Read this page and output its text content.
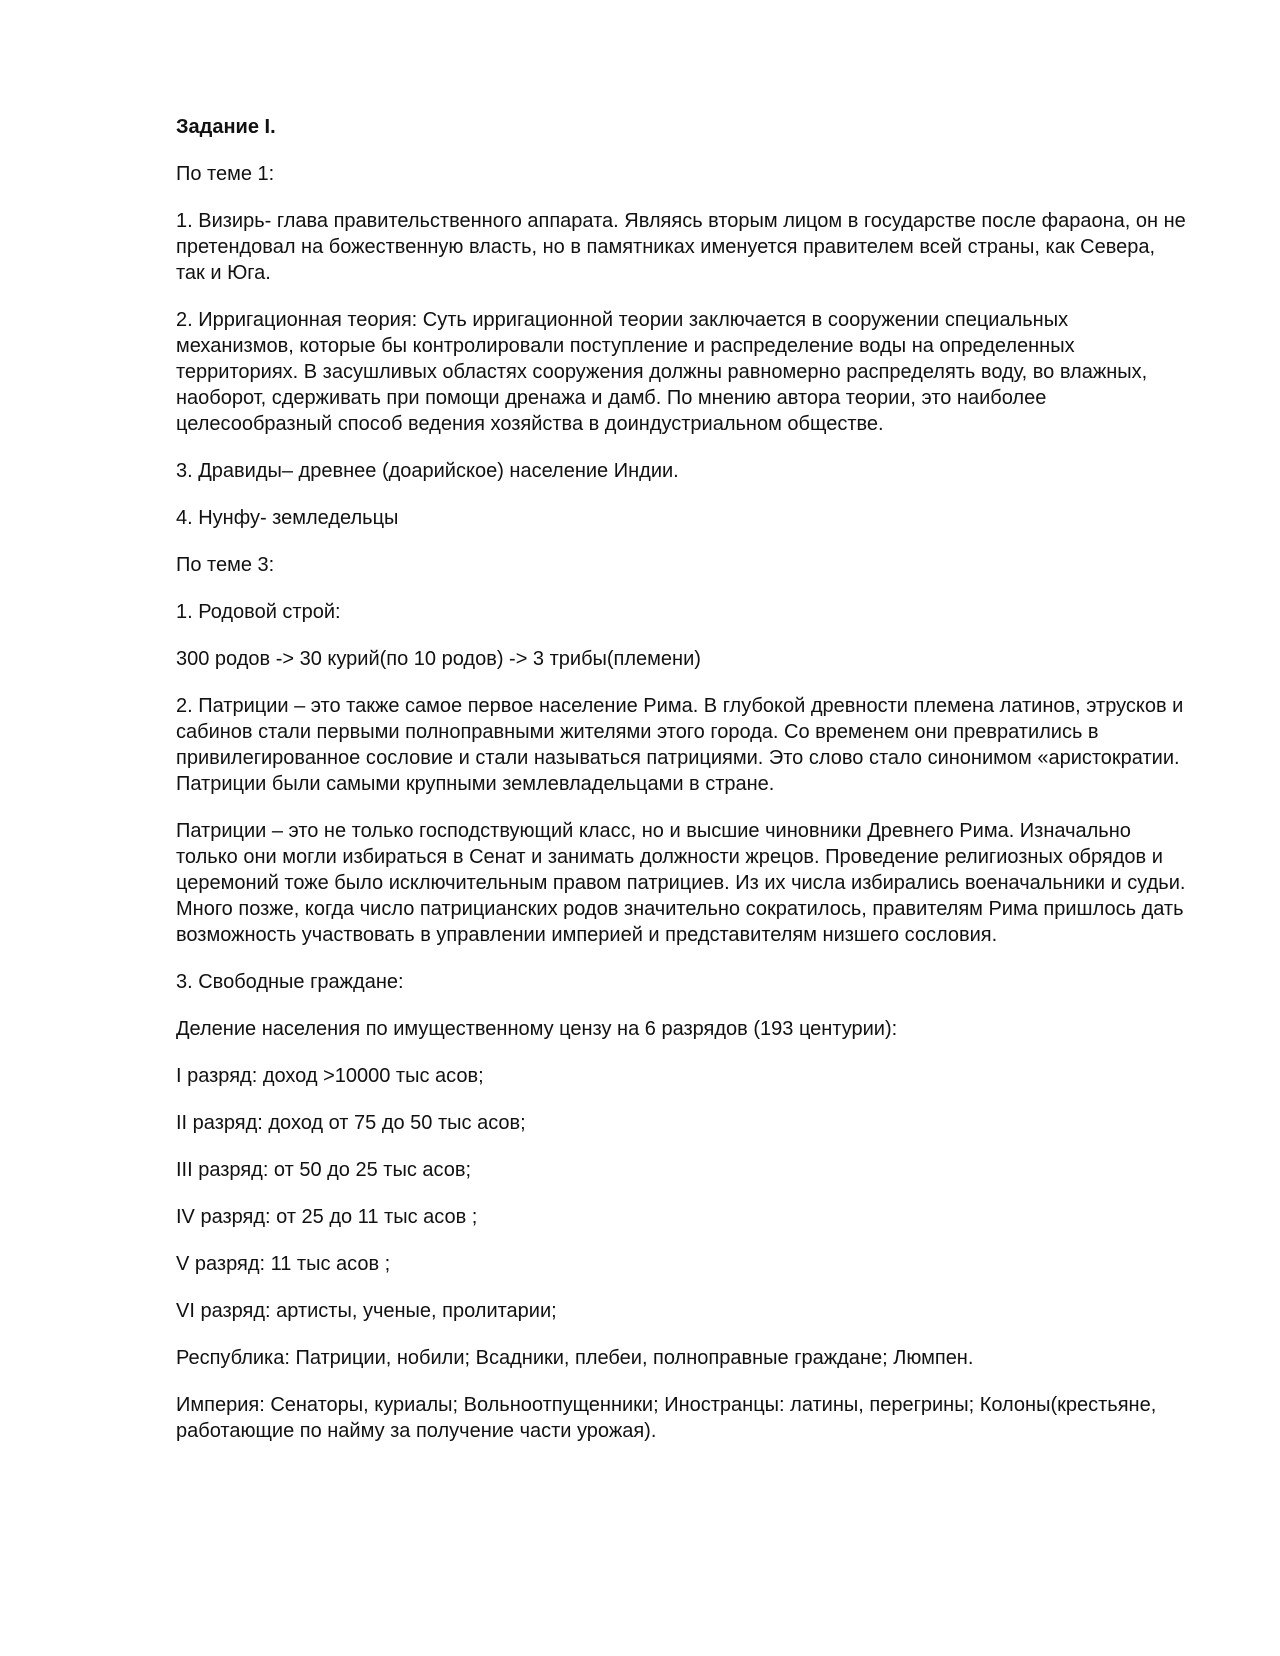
Задание I.

По теме 1:

1. Визирь- глава правительственного аппарата. Являясь вторым лицом в государстве после фараона, он не претендовал на божественную власть, но в памятниках именуется правителем всей страны, как Севера, так и Юга.

2. Ирригационная теория: Суть ирригационной теории заключается в сооружении специальных механизмов, которые бы контролировали поступление и распределение воды на определенных территориях. В засушливых областях сооружения должны равномерно распределять воду, во влажных, наоборот, сдерживать при помощи дренажа и дамб. По мнению автора теории, это наиболее целесообразный способ ведения хозяйства в доиндустриальном обществе.

3. Дравиды– древнее (доарийское) население Индии.

4. Нунфу- земледельцы

По теме 3:

1. Родовой строй:

300 родов -> 30 курий(по 10 родов) -> 3 трибы(племени)

2. Патриции – это также самое первое население Рима. В глубокой древности племена латинов, этрусков и сабинов стали первыми полноправными жителями этого города. Со временем они превратились в привилегированное сословие и стали называться патрициями. Это слово стало синонимом «аристократии. Патриции были самыми крупными землевладельцами в стране.

Патриции – это не только господствующий класс, но и высшие чиновники Древнего Рима. Изначально только они могли избираться в Сенат и занимать должности жрецов. Проведение религиозных обрядов и церемоний тоже было исключительным правом патрициев. Из их числа избирались военачальники и судьи. Много позже, когда число патрицианских родов значительно сократилось, правителям Рима пришлось дать возможность участвовать в управлении империей и представителям низшего сословия.

3. Свободные граждане:

Деление населения по имущественному цензу на 6 разрядов (193 центурии):

I разряд: доход >10000 тыс асов;

II разряд: доход от 75 до 50 тыс асов;

III разряд: от 50 до 25 тыс асов;

IV разряд: от 25 до 11 тыс асов ;

V разряд: 11 тыс асов ;

VI разряд: артисты, ученые, пролитарии;

Республика: Патриции, нобили; Всадники, плебеи, полноправные граждане; Люмпен.

Империя: Сенаторы, куриалы; Вольноотпущенники; Иностранцы: латины, перегрины; Колоны(крестьяне, работающие по найму за получение части урожая).
